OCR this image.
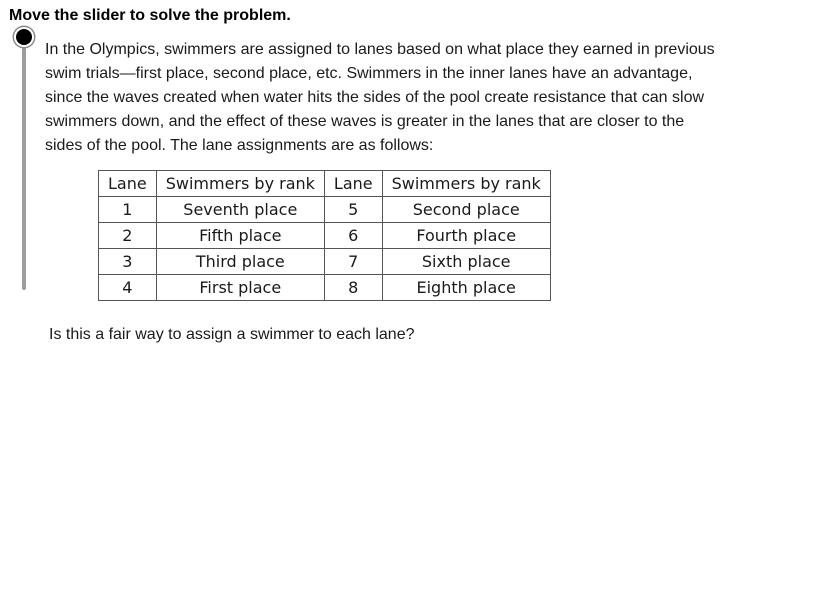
Move the slider to solve the problem.
In the Olympics, swimmers are assigned to lanes based on what place they earned in previous
swim trials—first place, second place, etc. Swimmers in the inner lanes have an advantage,
since the waves created when water hits the sides of the pool create resistance that can slow
swimmers down, and the effect of these waves is greater in the lanes that are closer to the
sides of the pool. The lane assignments are as follows:
Lane	Swimmers by rank	Lane	Swimmers by rank
1	Seventh place	5	Second place
2	Fifth place	6	Fourth place
3	Third place	7	Sixth place
4	First place	8	Eighth place
Is this a fair way to assign a swimmer to each lane?
